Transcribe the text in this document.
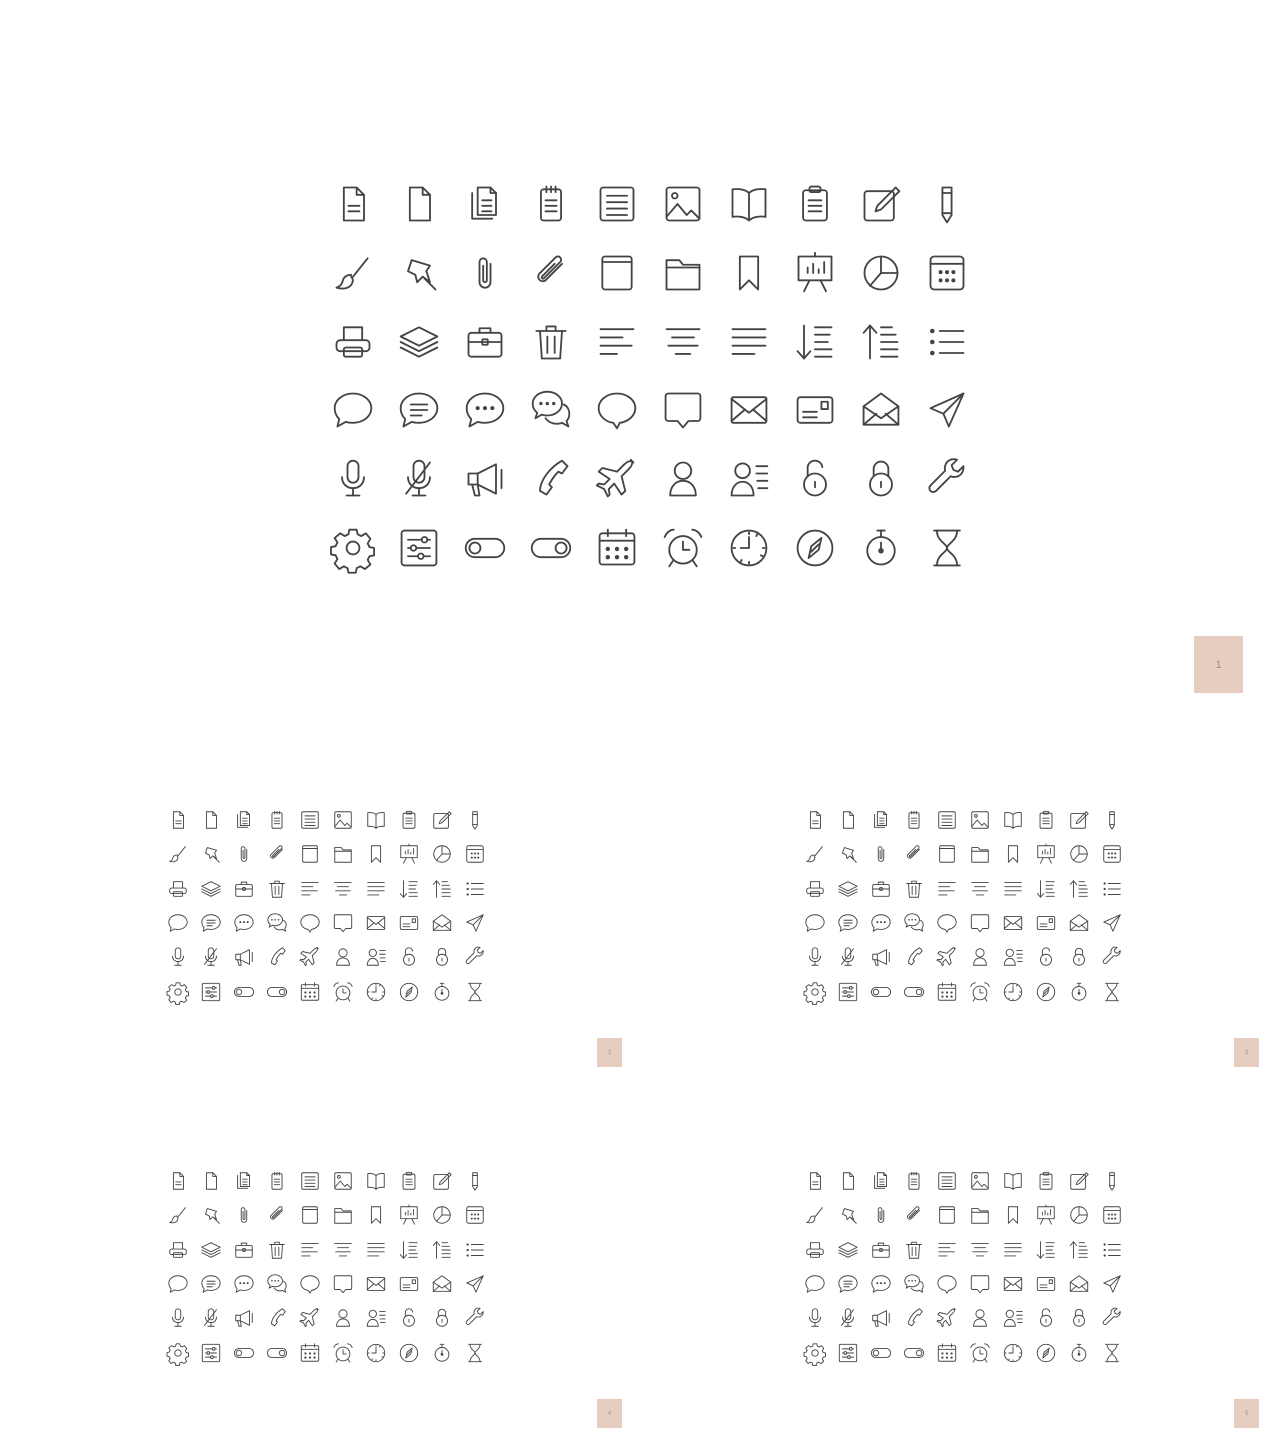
1
2	3
4	5
